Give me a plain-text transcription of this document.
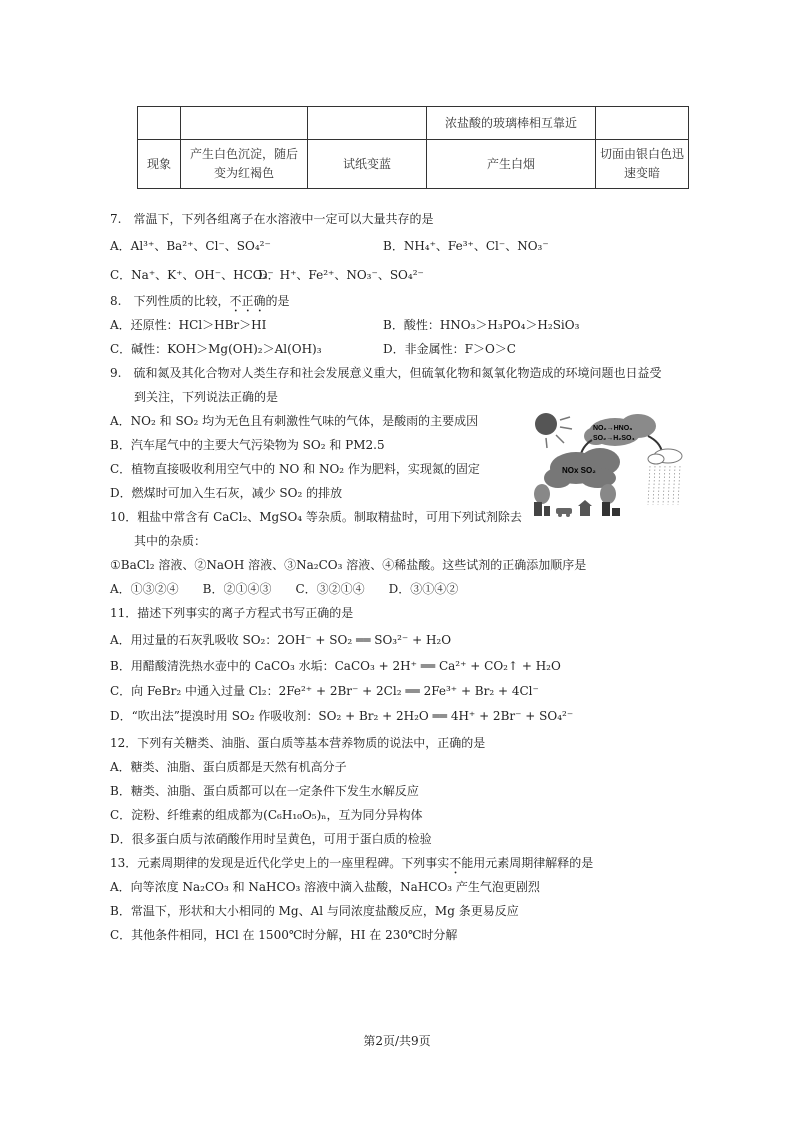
			浓盐酸的玻璃棒相互靠近	
现象	产生白色沉淀，随后变为红褐色	试纸变蓝	产生白烟	切面由银白色迅速变暗
7.　常温下，下列各组离子在水溶液中一定可以大量共存的是
A．Al³⁺、Ba²⁺、Cl⁻、SO₄²⁻	B．NH₄⁺、Fe³⁺、Cl⁻、NO₃⁻
C．Na⁺、K⁺、OH⁻、HCO₃⁻
D．H⁺、Fe²⁺、NO₃⁻、SO₄²⁻
8.　下列性质的比较，不正确的是
A．还原性：HCl＞HBr＞HI	B．酸性：HNO₃＞H₃PO₄＞H₂SiO₃
C．碱性：KOH＞Mg(OH)₂＞Al(OH)₃	D．非金属性：F＞O＞C
9.　硫和氮及其化合物对人类生存和社会发展意义重大，但硫氧化物和氮氧化物造成的环境问题也日益受
到关注，下列说法正确的是
A．NO₂ 和 SO₂ 均为无色且有刺激性气味的气体，是酸雨的主要成因
B．汽车尾气中的主要大气污染物为 SO₂ 和 PM2.5
C．植物直接吸收利用空气中的 NO 和 NO₂ 作为肥料，实现氮的固定
D．燃煤时可加入生石灰，减少 SO₂ 的排放
NO₂→HNO₃
SO₂→H₂SO₄
NOx SO₂
10．粗盐中常含有 CaCl₂、MgSO₄ 等杂质。制取精盐时，可用下列试剂除去
其中的杂质：
①BaCl₂ 溶液、②NaOH 溶液、③Na₂CO₃ 溶液、④稀盐酸。这些试剂的正确添加顺序是
A．①③②④　　B．②①④③　　C．③②①④　　D．③①④②
11．描述下列事实的离子方程式书写正确的是
A．用过量的石灰乳吸收 SO₂：2OH⁻ + SO₂ ══ SO₃²⁻ + H₂O
B．用醋酸清洗热水壶中的 CaCO₃ 水垢：CaCO₃ + 2H⁺ ══ Ca²⁺ + CO₂↑ + H₂O
C．向 FeBr₂ 中通入过量 Cl₂：2Fe²⁺ + 2Br⁻ + 2Cl₂ ══ 2Fe³⁺ + Br₂ + 4Cl⁻
D．“吹出法”提溴时用 SO₂ 作吸收剂：SO₂ + Br₂ + 2H₂O ══ 4H⁺ + 2Br⁻ + SO₄²⁻
12．下列有关糖类、油脂、蛋白质等基本营养物质的说法中，正确的是
A．糖类、油脂、蛋白质都是天然有机高分子
B．糖类、油脂、蛋白质都可以在一定条件下发生水解反应
C．淀粉、纤维素的组成都为(C₆H₁₀O₅)ₙ，互为同分异构体
D．很多蛋白质与浓硝酸作用时呈黄色，可用于蛋白质的检验
13．元素周期律的发现是近代化学史上的一座里程碑。下列事实不能用元素周期律解释的是
A．向等浓度 Na₂CO₃ 和 NaHCO₃ 溶液中滴入盐酸，NaHCO₃ 产生气泡更剧烈
B．常温下，形状和大小相同的 Mg、Al 与同浓度盐酸反应，Mg 条更易反应
C．其他条件相同，HCl 在 1500℃时分解，HI 在 230℃时分解
第2页/共9页
